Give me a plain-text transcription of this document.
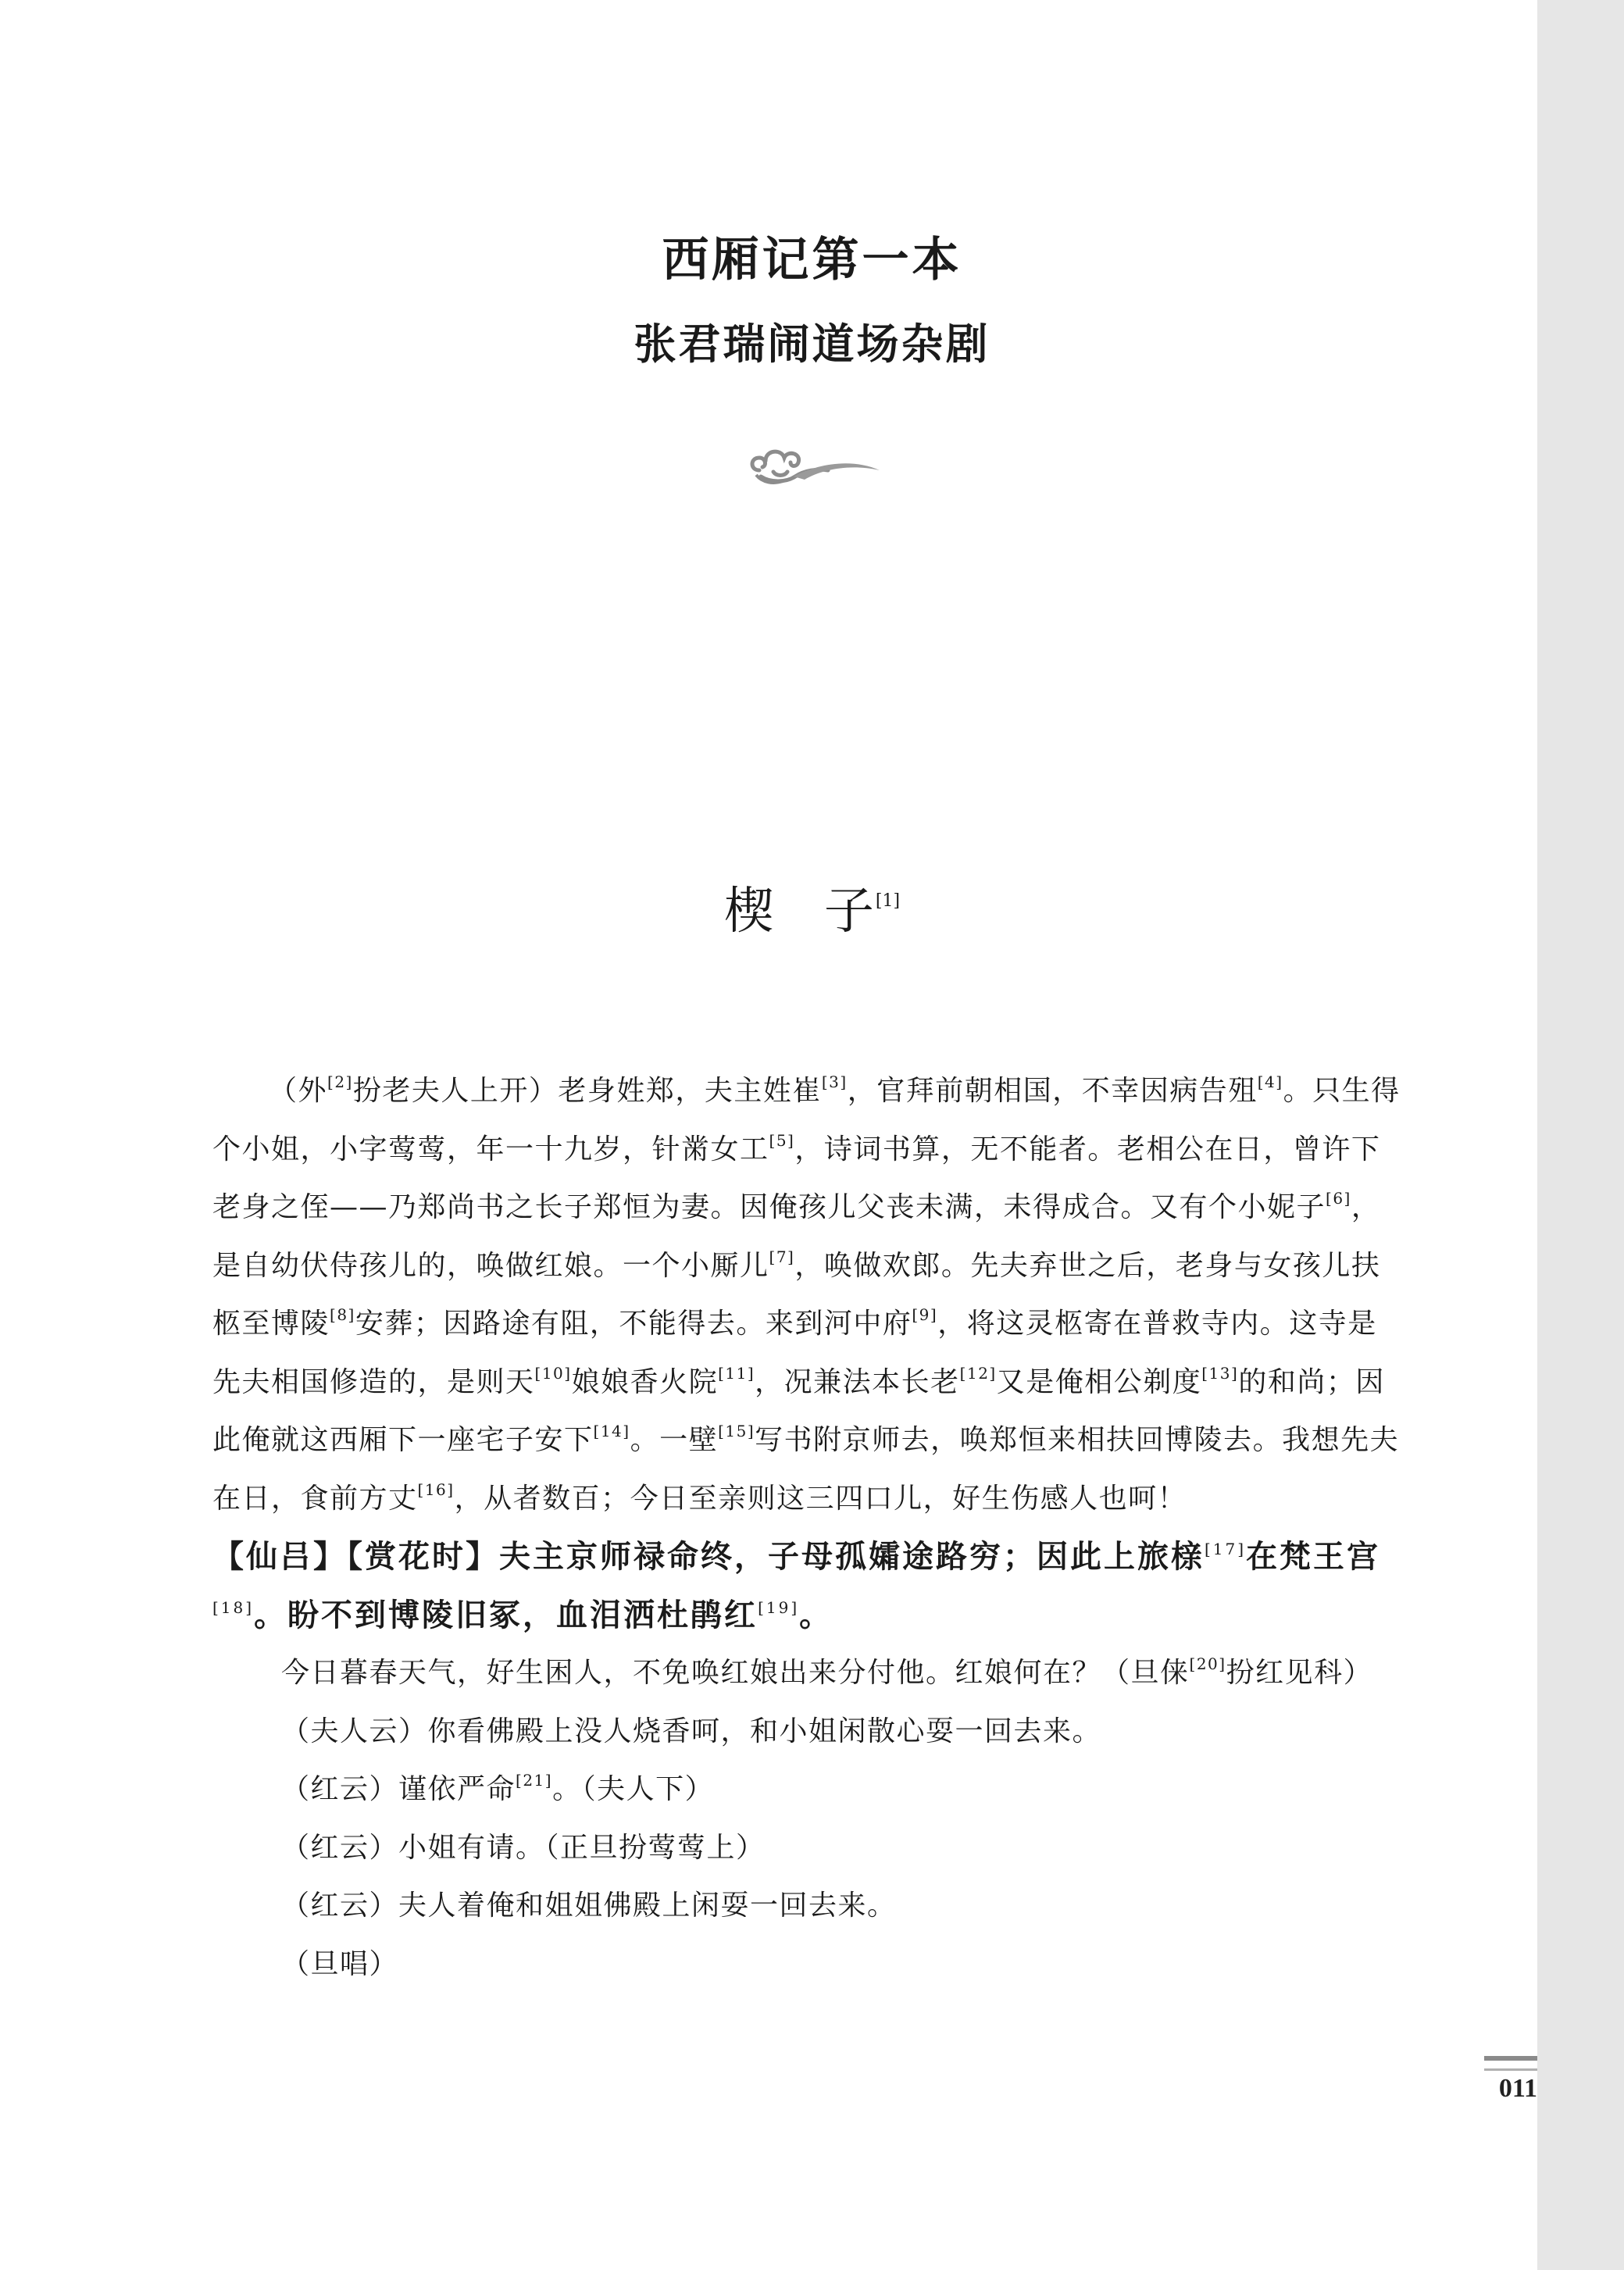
西厢记第一本
张君瑞闹道场杂剧
楔　子[1]

（外[2]扮老夫人上开）老身姓郑，夫主姓崔[3]，官拜前朝相国，不幸因病告殂[4]。只生得个小姐，小字莺莺，年一十九岁，针黹女工[5]，诗词书算，无不能者。老相公在日，曾许下老身之侄——乃郑尚书之长子郑恒为妻。因俺孩儿父丧未满，未得成合。又有个小妮子[6]，是自幼伏侍孩儿的，唤做红娘。一个小厮儿[7]，唤做欢郎。先夫弃世之后，老身与女孩儿扶柩至博陵[8]安葬；因路途有阻，不能得去。来到河中府[9]，将这灵柩寄在普救寺内。这寺是先夫相国修造的，是则天[10]娘娘香火院[11]，况兼法本长老[12]又是俺相公剃度[13]的和尚；因此俺就这西厢下一座宅子安下[14]。一壁[15]写书附京师去，唤郑恒来相扶回博陵去。我想先夫在日，食前方丈[16]，从者数百；今日至亲则这三四口儿，好生伤感人也呵！

【仙吕】【赏花时】夫主京师禄命终，子母孤孀途路穷；因此上旅榇[17]在梵王宫[18]。盼不到博陵旧冢，血泪洒杜鹃红[19]。

今日暮春天气，好生困人，不免唤红娘出来分付他。红娘何在？（旦俫[20]扮红见科）

（夫人云）你看佛殿上没人烧香呵，和小姐闲散心耍一回去来。

（红云）谨依严命[21]。（夫人下）

（红云）小姐有请。（正旦扮莺莺上）

（红云）夫人着俺和姐姐佛殿上闲耍一回去来。

（旦唱）

011
